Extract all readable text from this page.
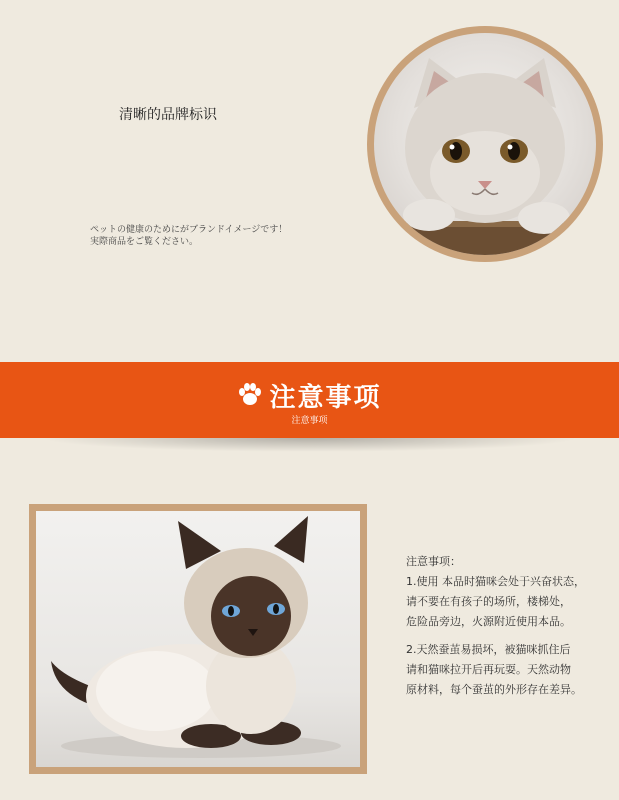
清晰的品牌标识
ペットの健康のためにがブランドイメージです！
実際商品をご覧ください。
注意事项
注意事项

注意事项：

1.使用 本品时猫咪会处于兴奋状态，

请不要在有孩子的场所，楼梯处，

危险品旁边，火源附近使用本品。

2.天然蚕茧易损坏，被猫咪抓住后

请和猫咪拉开后再玩耍。天然动物

原材料，每个蚕茧的外形存在差异。
